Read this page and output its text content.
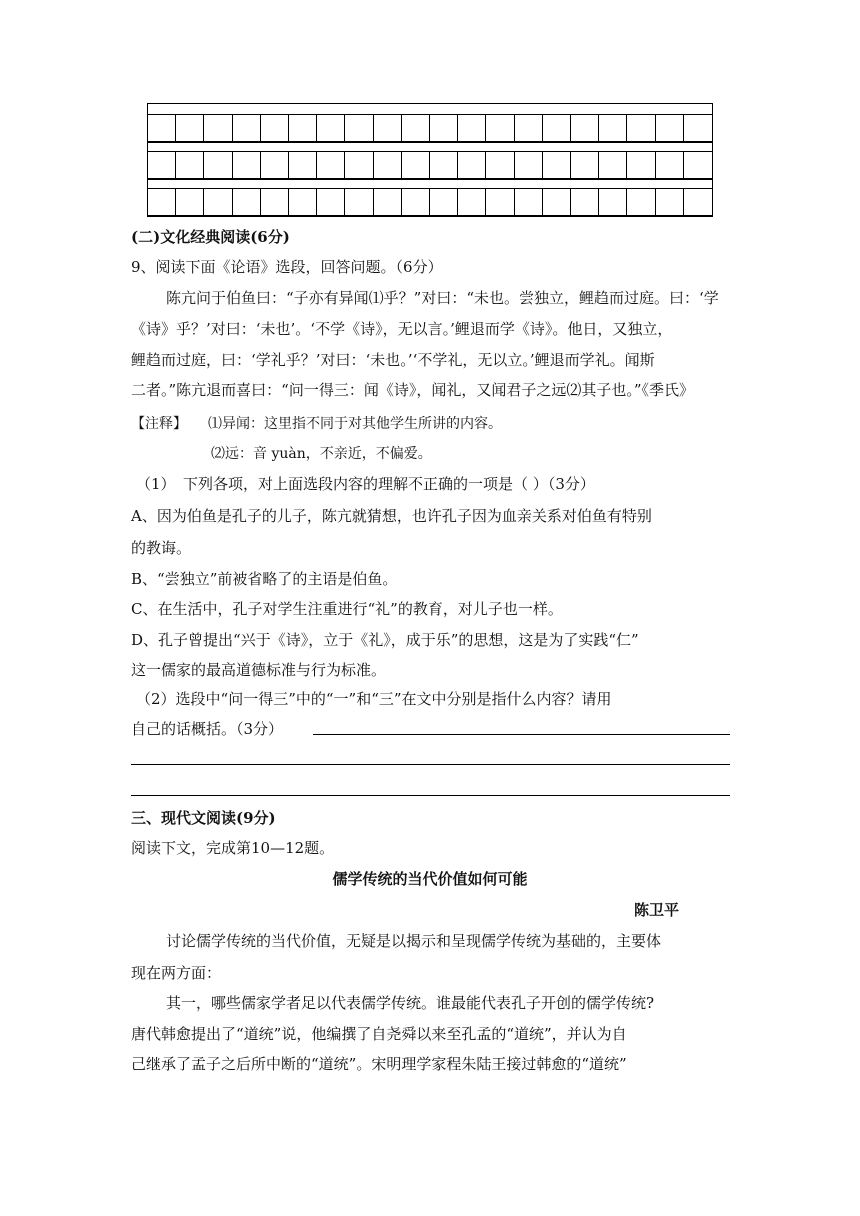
(二)文化经典阅读(6分)
9、阅读下面《论语》选段，回答问题。（6分）
陈亢问于伯鱼曰：“子亦有异闻⑴乎？”对曰：“未也。尝独立，鲤趋而过庭。曰：‘学
《诗》乎？’对曰：‘未也’。‘不学《诗》，无以言。’鲤退而学《诗》。他日，又独立，
鲤趋而过庭，曰：‘学礼乎？’对曰：‘未也。’‘不学礼，无以立。’鲤退而学礼。闻斯
二者。”陈亢退而喜曰：“问一得三：闻《诗》，闻礼，又闻君子之远⑵其子也。”《季氏》
【注释】 ⑴异闻：这里指不同于对其他学生所讲的内容。
⑵远：音 yuàn，不亲近，不偏爱。
（1）　下列各项，对上面选段内容的理解不正确的一项是（ ）（3分）
A、因为伯鱼是孔子的儿子，陈亢就猜想，也许孔子因为血亲关系对伯鱼有特别
的教诲。
B、“尝独立”前被省略了的主语是伯鱼。
C、在生活中，孔子对学生注重进行“礼”的教育，对儿子也一样。
D、孔子曾提出“兴于《诗》，立于《礼》，成于乐”的思想，这是为了实践“仁”
这一儒家的最高道德标准与行为标准。
（2）选段中“问一得三”中的“一”和“三”在文中分别是指什么内容？请用
自己的话概括。（3分）
三、现代文阅读(9分)
阅读下文，完成第10—12题。
儒学传统的当代价值如何可能
陈卫平
讨论儒学传统的当代价值，无疑是以揭示和呈现儒学传统为基础的，主要体
现在两方面：
其一，哪些儒家学者足以代表儒学传统。谁最能代表孔子开创的儒学传统?
唐代韩愈提出了“道统”说，他编撰了自尧舜以来至孔孟的“道统”，并认为自
己继承了孟子之后所中断的“道统”。宋明理学家程朱陆王接过韩愈的“道统”
